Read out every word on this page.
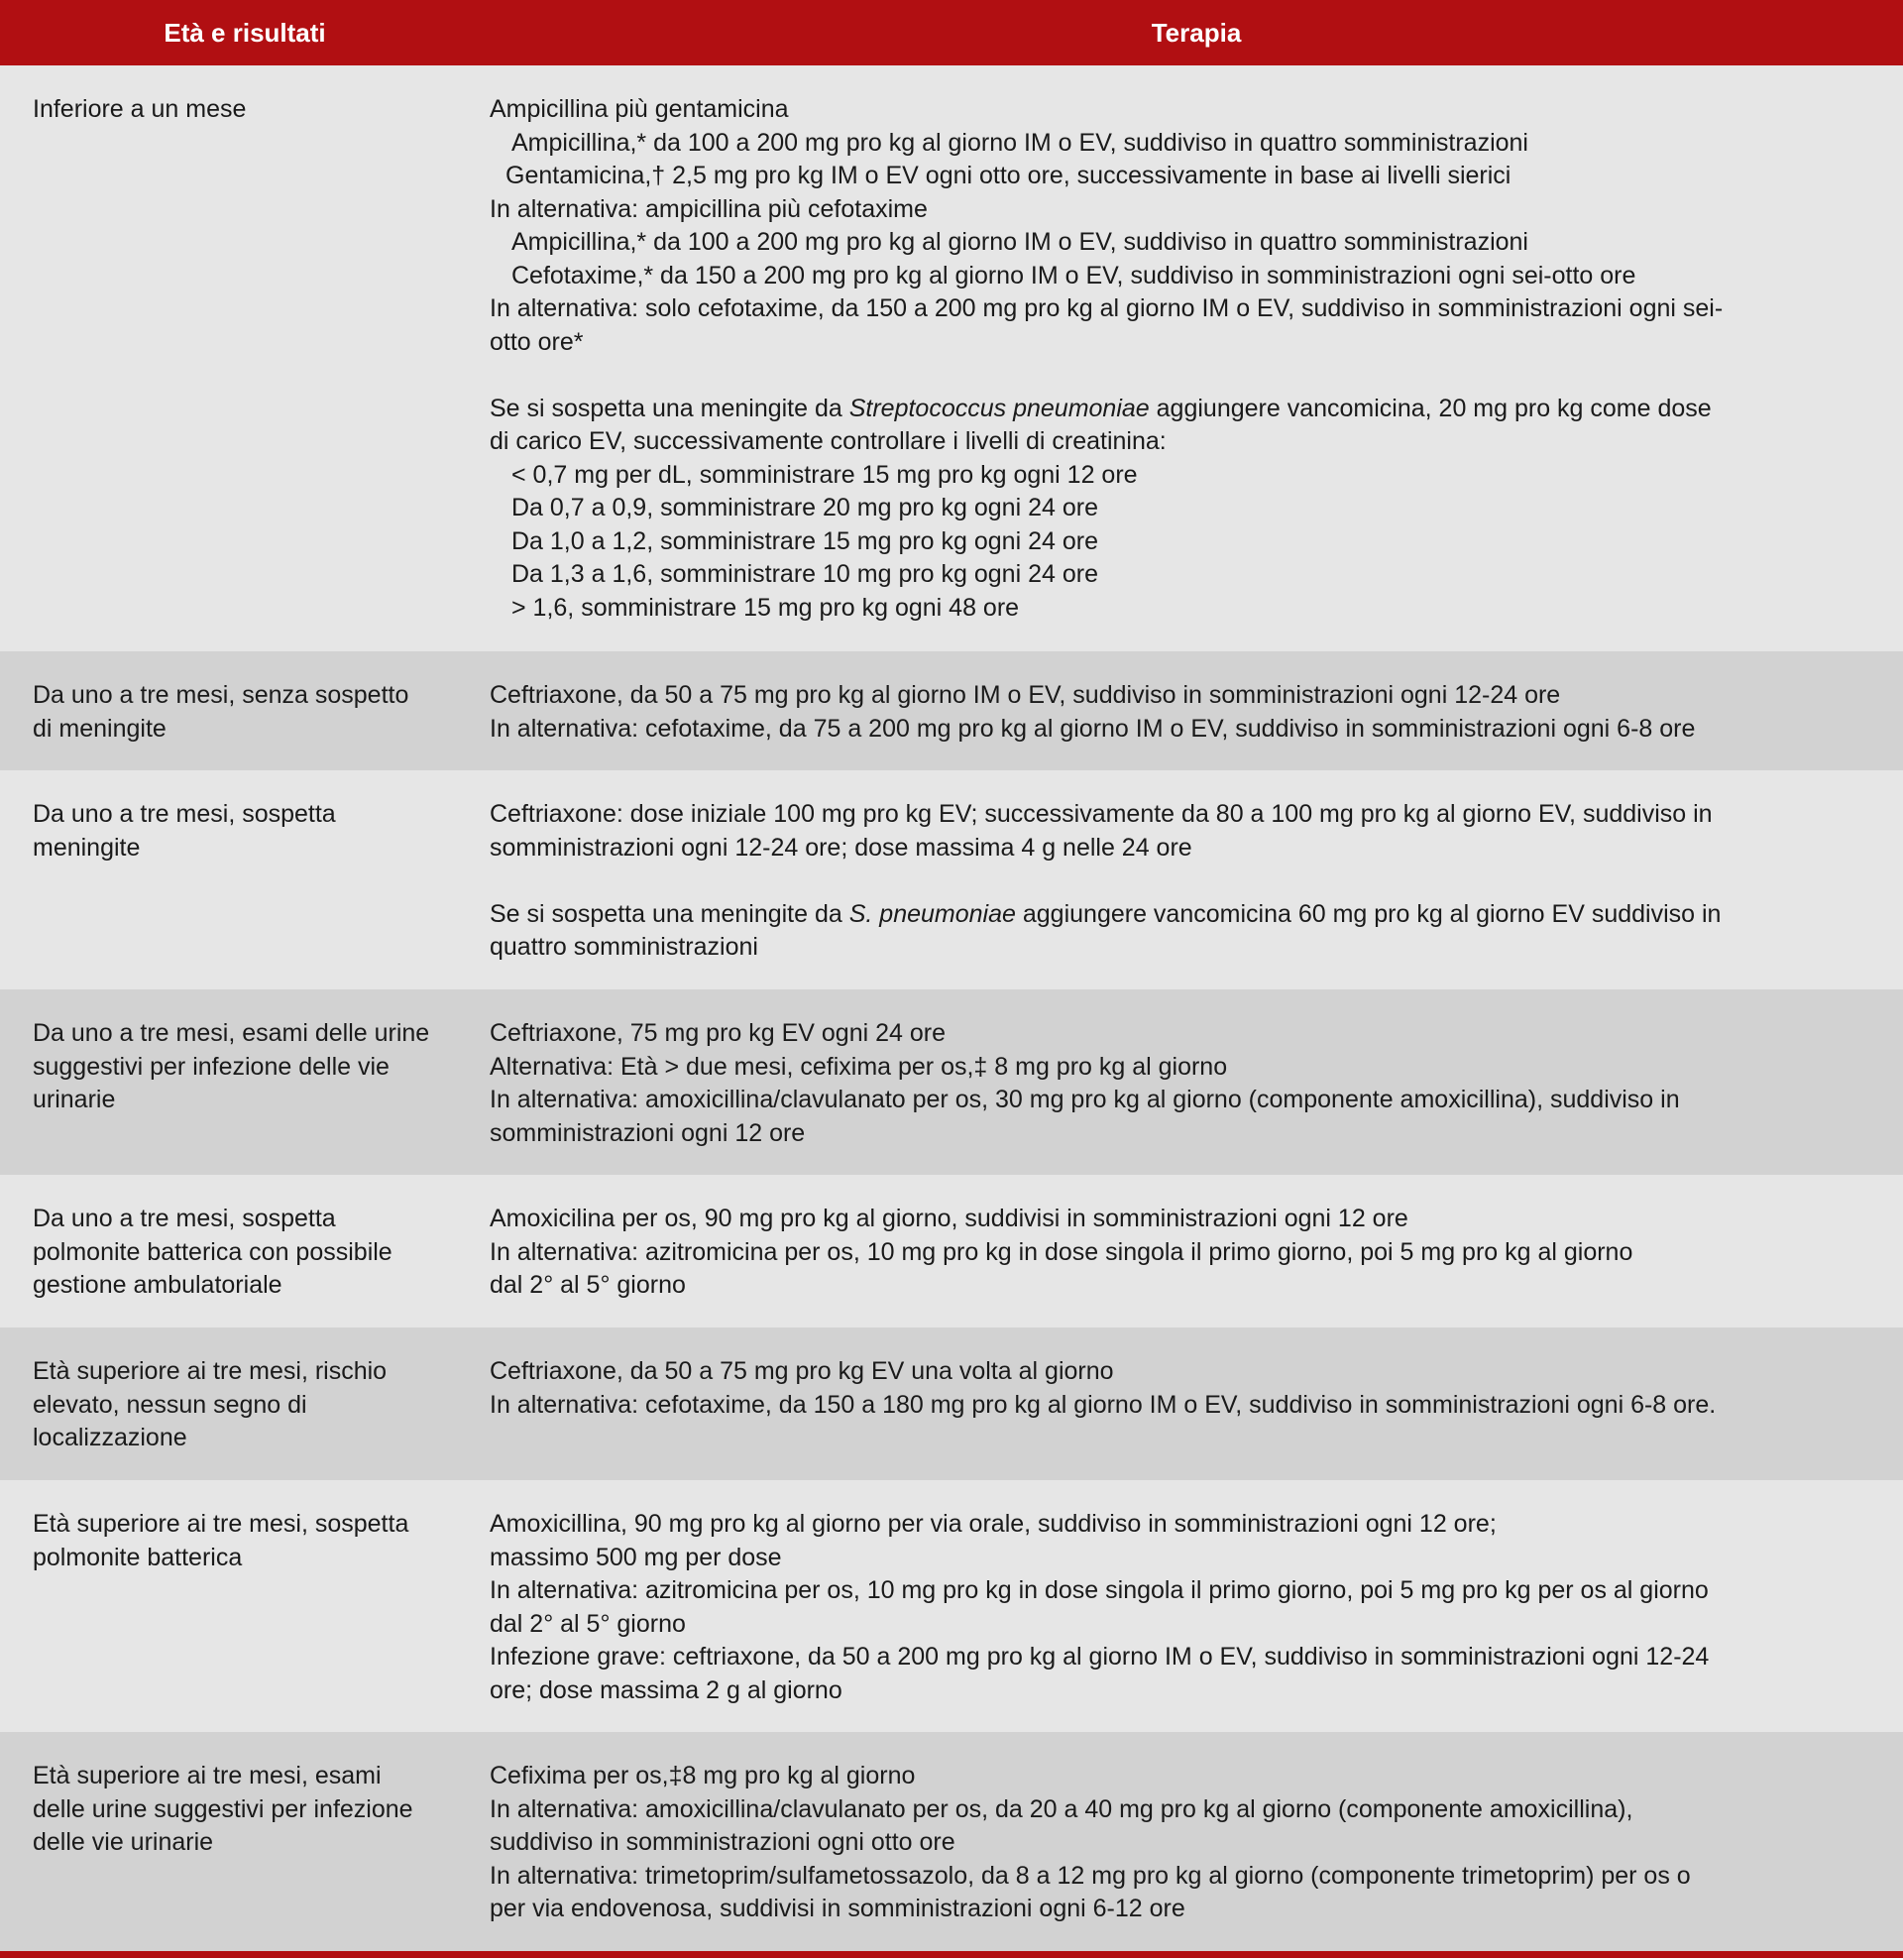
Età e risultati	Terapia
Inferiore a un mese	Ampicillina più gentamicina
Ampicillina,* da 100 a 200 mg pro kg al giorno IM o EV, suddiviso in quattro somministrazioni
Gentamicina,† 2,5 mg pro kg IM o EV ogni otto ore, successivamente in base ai livelli sierici
In alternativa: ampicillina più cefotaxime
Ampicillina,* da 100 a 200 mg pro kg al giorno IM o EV, suddiviso in quattro somministrazioni
Cefotaxime,* da 150 a 200 mg pro kg al giorno IM o EV, suddiviso in somministrazioni ogni sei-otto ore
In alternativa: solo cefotaxime, da 150 a 200 mg pro kg al giorno IM o EV, suddiviso in somministrazioni ogni sei-
otto ore*
Se si sospetta una meningite da Streptococcus pneumoniae aggiungere vancomicina, 20 mg pro kg come dose
di carico EV, successivamente controllare i livelli di creatinina:
< 0,7 mg per dL, somministrare 15 mg pro kg ogni 12 ore
Da 0,7 a 0,9, somministrare 20 mg pro kg ogni 24 ore
Da 1,0 a 1,2, somministrare 15 mg pro kg ogni 24 ore
Da 1,3 a 1,6, somministrare 10 mg pro kg ogni 24 ore
> 1,6, somministrare 15 mg pro kg ogni 48 ore
Da uno a tre mesi, senza sospetto
di meningite
Ceftriaxone, da 50 a 75 mg pro kg al giorno IM o EV, suddiviso in somministrazioni ogni 12-24 ore
In alternativa: cefotaxime, da 75 a 200 mg pro kg al giorno IM o EV, suddiviso in somministrazioni ogni 6-8 ore
Da uno a tre mesi, sospetta
meningite
Ceftriaxone: dose iniziale 100 mg pro kg EV; successivamente da 80 a 100 mg pro kg al giorno EV, suddiviso in
somministrazioni ogni 12-24 ore; dose massima 4 g nelle 24 ore
Se si sospetta una meningite da S. pneumoniae aggiungere vancomicina 60 mg pro kg al giorno EV suddiviso in
quattro somministrazioni
Da uno a tre mesi, esami delle urine
suggestivi per infezione delle vie
urinarie
Ceftriaxone, 75 mg pro kg EV ogni 24 ore
Alternativa: Età > due mesi, cefixima per os,‡ 8 mg pro kg al giorno
In alternativa: amoxicillina/clavulanato per os, 30 mg pro kg al giorno (componente amoxicillina), suddiviso in
somministrazioni ogni 12 ore
Da uno a tre mesi, sospetta
polmonite batterica con possibile
gestione ambulatoriale
Amoxicilina per os, 90 mg pro kg al giorno, suddivisi in somministrazioni ogni 12 ore
In alternativa: azitromicina per os, 10 mg pro kg in dose singola il primo giorno, poi 5 mg pro kg al giorno
dal 2° al 5° giorno
Età superiore ai tre mesi, rischio
elevato, nessun segno di
localizzazione
Ceftriaxone, da 50 a 75 mg pro kg EV una volta al giorno
In alternativa: cefotaxime, da 150 a 180 mg pro kg al giorno IM o EV, suddiviso in somministrazioni ogni 6-8 ore.
Età superiore ai tre mesi, sospetta
polmonite batterica
Amoxicillina, 90 mg pro kg al giorno per via orale, suddiviso in somministrazioni ogni 12 ore;
massimo 500 mg per dose
In alternativa: azitromicina per os, 10 mg pro kg in dose singola il primo giorno, poi 5 mg pro kg per os al giorno
dal 2° al 5° giorno
Infezione grave: ceftriaxone, da 50 a 200 mg pro kg al giorno IM o EV, suddiviso in somministrazioni ogni 12-24
ore; dose massima 2 g al giorno
Età superiore ai tre mesi, esami
delle urine suggestivi per infezione
delle vie urinarie
Cefixima per os,‡8 mg pro kg al giorno
In alternativa: amoxicillina/clavulanato per os, da 20 a 40 mg pro kg al giorno (componente amoxicillina),
suddiviso in somministrazioni ogni otto ore
In alternativa: trimetoprim/sulfametossazolo, da 8 a 12 mg pro kg al giorno (componente trimetoprim) per os o
per via endovenosa, suddivisi in somministrazioni ogni 6-12 ore
